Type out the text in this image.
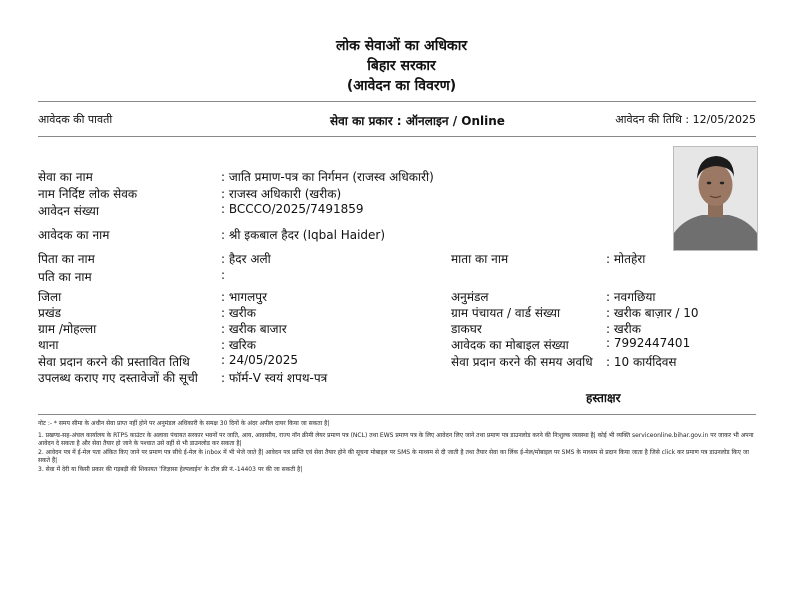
लोक सेवाओं का अधिकार
बिहार सरकार
(आवेदन का विवरण)
आवेदक की पावती	सेवा का प्रकार : ऑनलाइन / Online	आवेदन की तिथि : 12/05/2025
सेवा का नाम	: जाति प्रमाण-पत्र का निर्गमन (राजस्व अधिकारी)
नाम निर्दिष्ट लोक सेवक	: राजस्व अधिकारी (खरीक)
आवेदन संख्या	: BCCCO/2025/7491859
आवेदक का नाम	: श्री इकबाल हैदर (Iqbal Haider)
पिता का नाम	: हैदर अली	माता का नाम	: मोतहेरा
पति का नाम	:
जिला	: भागलपुर	अनुमंडल	: नवगछिया
प्रखंड	: खरीक	ग्राम पंचायत / वार्ड संख्या	: खरीक बाज़ार / 10
ग्राम /मोहल्ला	: खरीक बाजार	डाकघर	: खरीक
थाना	: खरिक	आवेदक का मोबाइल संख्या	: 7992447401
सेवा प्रदान करने की प्रस्तावित तिथि	: 24/05/2025	सेवा प्रदान करने की समय अवधि : 10 कार्यदिवस
उपलब्ध कराए गए दस्तावेजों की सूची : फॉर्म-V स्वयं शपथ-पत्र
हस्ताक्षर

नोट :- * समय सीमा के अधीन सेवा प्राप्त नहीं होने पर अनुमंडल अधिकारी के समक्ष 30 दिनों के अंदर अपील दायर किया जा सकता है|

1. प्रखण्ड-सह-अंचल कार्यालय के RTPS काउंटर के अलावा पंचायत सरकार भवनों पर जाति, आय, आवासीय, राज्य नॉन क्रीमी लेयर प्रमाण पत्र (NCL) तथा EWS प्रमाण पत्र के लिए आवेदन लिए जाने तथा प्रमाण पत्र डाउनलोड करने की निःशुल्क व्यवस्था है| कोई भी व्यक्ति serviceonline.bihar.gov.in पर जाकर भी अपना आवेदन दे सकता है और सेवा तैयार हो जाने के पश्चात उसे वहीं से भी डाउनलोड कर सकता है|

2. आवेदन पत्र में ई-मेल पता अंकित किए जाने पर प्रमाण पत्र सीधे ई-मेल के inbox में भी भेजे जाते हैं| आवेदन पत्र प्राप्ति एवं सेवा तैयार होने की सूचना मोबाइल पर SMS के माध्यम से दी जाती है तथा तैयार सेवा का लिंक ई-मेल/मोबाइल पर SMS के माध्यम से प्रदान किया जाता है जिसे click कर प्रमाण पत्र डाउनलोड किए जा सकते हैं|

3. सेवा में देरी या किसी प्रकार की गड़बड़ी की शिकायत 'जिज्ञासा हेल्पलाईन' के टॉल फ्री नं.-14403 पर की जा सकती है|
